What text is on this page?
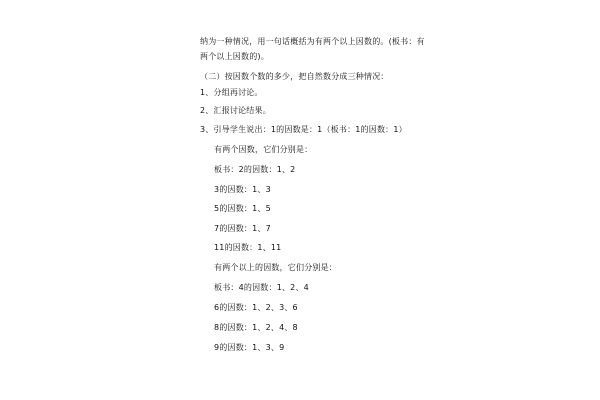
纳为一种情况，用一句话概括为有两个以上因数的。(板书：有
两个以上因数的)。
（二）按因数个数的多少，把自然数分成三种情况：
1、分组再讨论。
2、汇报讨论结果。
3、引导学生说出：1的因数是：1（板书：1的因数：1）
有两个因数，它们分别是：
板书：2的因数：1、2
3的因数：1、3
5的因数：1、5
7的因数：1、7
11的因数：1、11
有两个以上的因数，它们分别是：
板书：4的因数：1、2、4
6的因数：1、2、3、6
8的因数：1、2、4、8
9的因数：1、3、9
